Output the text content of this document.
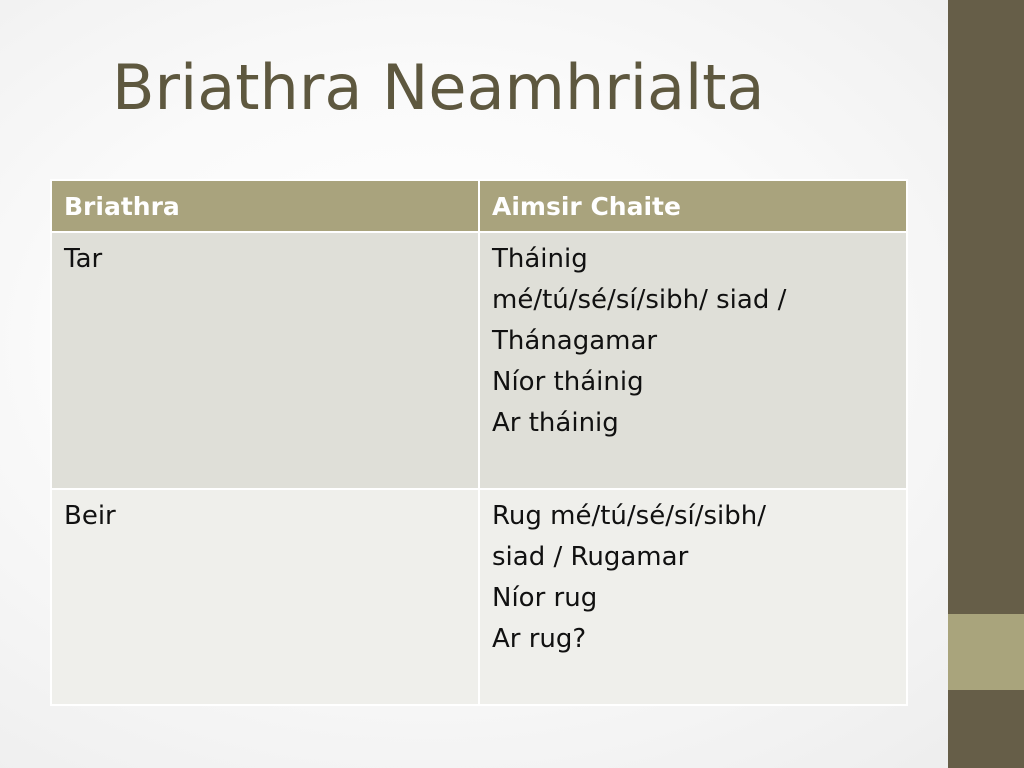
Briathra Neamhrialta
Briathra	Aimsir Chaite

Tar	Tháinig
mé/tú/sé/sí/sibh/ siad /
Thánagamar
Níor tháinig
Ar tháinig

Beir	Rug mé/tú/sé/sí/sibh/
siad / Rugamar
Níor rug
Ar rug?
